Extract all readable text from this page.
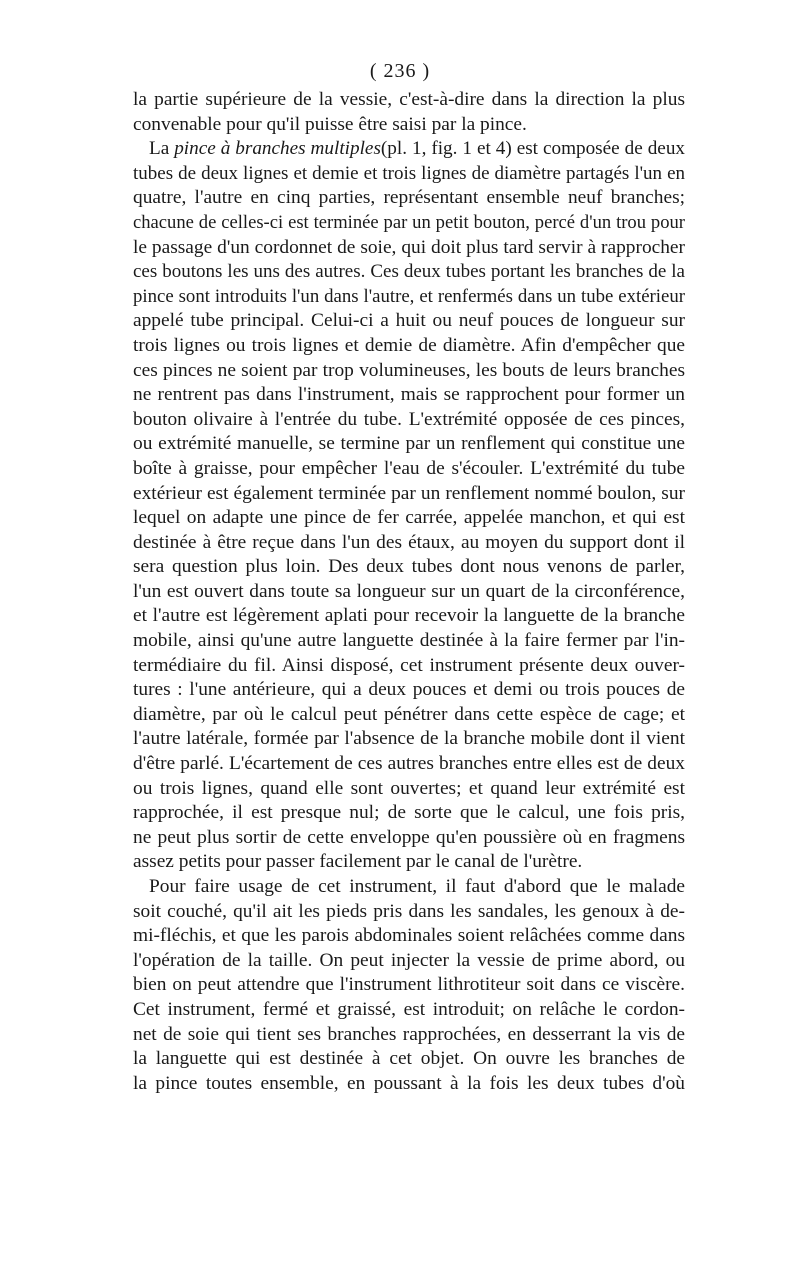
( 236 )
la partie supérieure de la vessie, c'est-à-dire dans la direction la plus
convenable pour qu'il puisse être saisi par la pince.
La pince à branches multiples(pl. 1, fig. 1 et 4) est composée de deux
tubes de deux lignes et demie et trois lignes de diamètre partagés l'un en
quatre, l'autre en cinq parties, représentant ensemble neuf branches;
chacune de celles-ci est terminée par un petit bouton, percé d'un trou pour
le passage d'un cordonnet de soie, qui doit plus tard servir à rapprocher
ces boutons les uns des autres. Ces deux tubes portant les branches de la
pince sont introduits l'un dans l'autre, et renfermés dans un tube extérieur
appelé tube principal. Celui-ci a huit ou neuf pouces de longueur sur
trois lignes ou trois lignes et demie de diamètre. Afin d'empêcher que
ces pinces ne soient par trop volumineuses, les bouts de leurs branches
ne rentrent pas dans l'instrument, mais se rapprochent pour former un
bouton olivaire à l'entrée du tube. L'extrémité opposée de ces pinces,
ou extrémité manuelle, se termine par un renflement qui constitue une
boîte à graisse, pour empêcher l'eau de s'écouler. L'extrémité du tube
extérieur est également terminée par un renflement nommé boulon, sur
lequel on adapte une pince de fer carrée, appelée manchon, et qui est
destinée à être reçue dans l'un des étaux, au moyen du support dont il
sera question plus loin. Des deux tubes dont nous venons de parler,
l'un est ouvert dans toute sa longueur sur un quart de la circonférence,
et l'autre est légèrement aplati pour recevoir la languette de la branche
mobile, ainsi qu'une autre languette destinée à la faire fermer par l'in-
termédiaire du fil. Ainsi disposé, cet instrument présente deux ouver-
tures : l'une antérieure, qui a deux pouces et demi ou trois pouces de
diamètre, par où le calcul peut pénétrer dans cette espèce de cage; et
l'autre latérale, formée par l'absence de la branche mobile dont il vient
d'être parlé. L'écartement de ces autres branches entre elles est de deux
ou trois lignes, quand elle sont ouvertes; et quand leur extrémité est
rapprochée, il est presque nul; de sorte que le calcul, une fois pris,
ne peut plus sortir de cette enveloppe qu'en poussière où en fragmens
assez petits pour passer facilement par le canal de l'urètre.
Pour faire usage de cet instrument, il faut d'abord que le malade
soit couché, qu'il ait les pieds pris dans les sandales, les genoux à de-
mi-fléchis, et que les parois abdominales soient relâchées comme dans
l'opération de la taille. On peut injecter la vessie de prime abord, ou
bien on peut attendre que l'instrument lithrotiteur soit dans ce viscère.
Cet instrument, fermé et graissé, est introduit; on relâche le cordon-
net de soie qui tient ses branches rapprochées, en desserrant la vis de
la languette qui est destinée à cet objet. On ouvre les branches de
la pince toutes ensemble, en poussant à la fois les deux tubes d'où
